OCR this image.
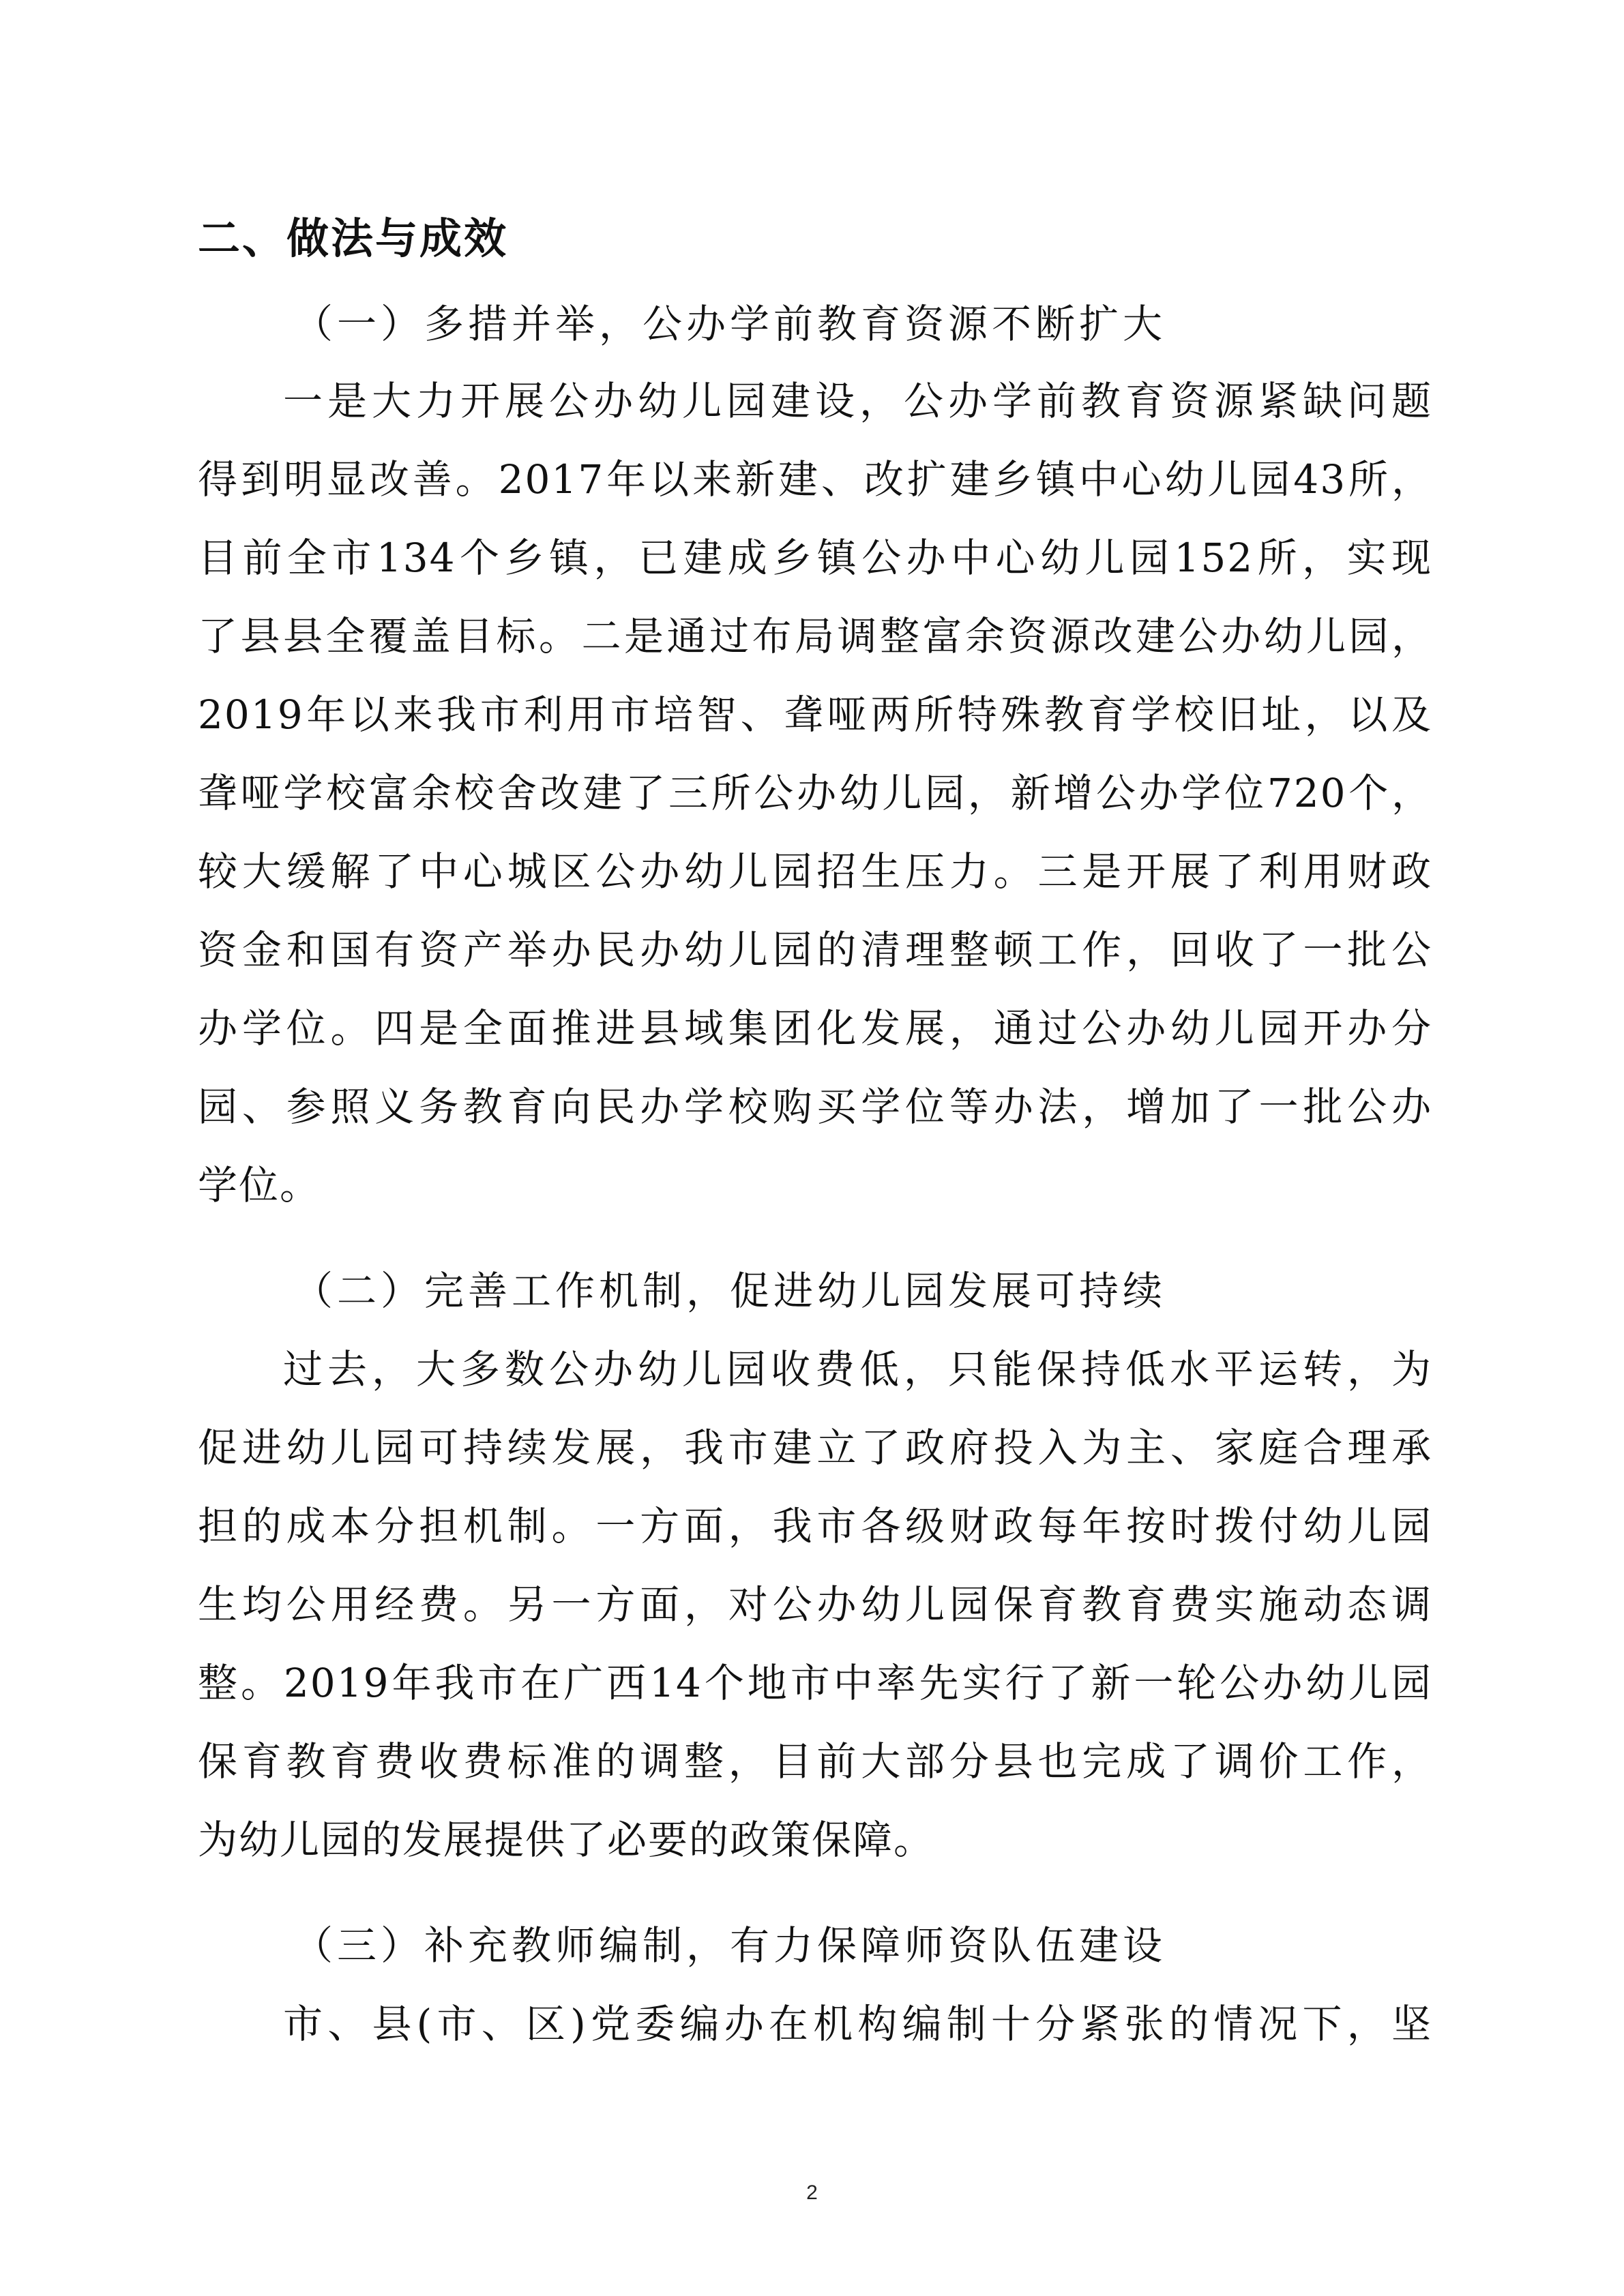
二、做法与成效
（一）多措并举，公办学前教育资源不断扩大
一是大力开展公办幼儿园建设，公办学前教育资源紧缺问题
得到明显改善。2017年以来新建、改扩建乡镇中心幼儿园43所，
目前全市134个乡镇，已建成乡镇公办中心幼儿园152所，实现
了县县全覆盖目标。二是通过布局调整富余资源改建公办幼儿园，
2019年以来我市利用市培智、聋哑两所特殊教育学校旧址，以及
聋哑学校富余校舍改建了三所公办幼儿园，新增公办学位720个，
较大缓解了中心城区公办幼儿园招生压力。三是开展了利用财政
资金和国有资产举办民办幼儿园的清理整顿工作，回收了一批公
办学位。四是全面推进县域集团化发展，通过公办幼儿园开办分
园、参照义务教育向民办学校购买学位等办法，增加了一批公办
学位。
（二）完善工作机制，促进幼儿园发展可持续
过去，大多数公办幼儿园收费低，只能保持低水平运转，为
促进幼儿园可持续发展，我市建立了政府投入为主、家庭合理承
担的成本分担机制。一方面，我市各级财政每年按时拨付幼儿园
生均公用经费。另一方面，对公办幼儿园保育教育费实施动态调
整。2019年我市在广西14个地市中率先实行了新一轮公办幼儿园
保育教育费收费标准的调整，目前大部分县也完成了调价工作，
为幼儿园的发展提供了必要的政策保障。
（三）补充教师编制，有力保障师资队伍建设
市、县(市、区)党委编办在机构编制十分紧张的情况下，坚
2
